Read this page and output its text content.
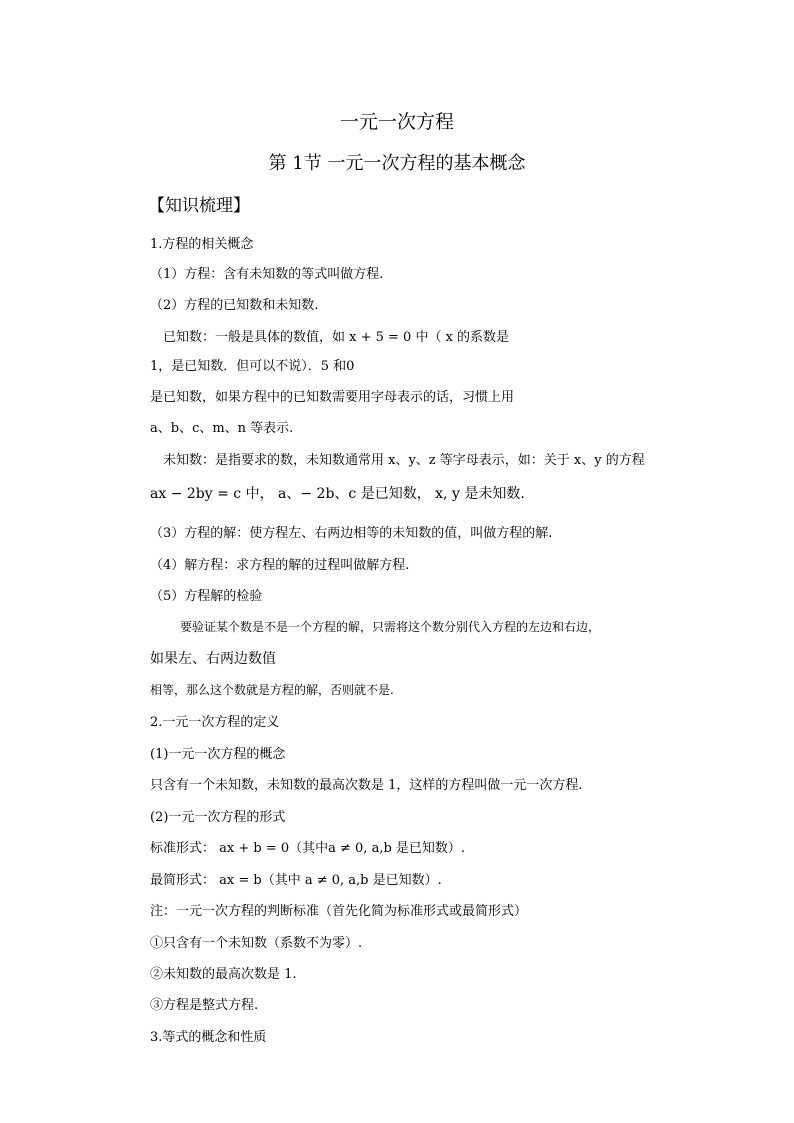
一元一次方程
第 1节 一元一次方程的基本概念
【知识梳理】
1.方程的相关概念
（1）方程：含有未知数的等式叫做方程.
（2）方程的已知数和未知数.
已知数：一般是具体的数值，如 x + 5 = 0 中（ x 的系数是
1，是已知数．但可以不说）．5 和0
是已知数，如果方程中的已知数需要用字母表示的话，习惯上用
a、b、c、m、n 等表示.
未知数：是指要求的数，未知数通常用 x、y、z 等字母表示，如：关于 x、y 的方程
ax − 2by = c 中， a、− 2b、c 是已知数， x, y 是未知数.
（3）方程的解：使方程左、右两边相等的未知数的值，叫做方程的解.
（4）解方程：求方程的解的过程叫做解方程.
（5）方程解的检验
要验证某个数是不是一个方程的解，只需将这个数分别代入方程的左边和右边，
如果左、右两边数值
相等，那么这个数就是方程的解，否则就不是.
2.一元一次方程的定义
(1)一元一次方程的概念
只含有一个未知数，未知数的最高次数是 1，这样的方程叫做一元一次方程.
(2)一元一次方程的形式
标准形式： ax + b = 0（其中a ≠ 0, a,b 是已知数）.
最简形式： ax = b（其中 a ≠ 0, a,b 是已知数）.
注：一元一次方程的判断标准（首先化简为标准形式或最简形式）
①只含有一个未知数（系数不为零）.
②未知数的最高次数是 1.
③方程是整式方程.
3.等式的概念和性质
